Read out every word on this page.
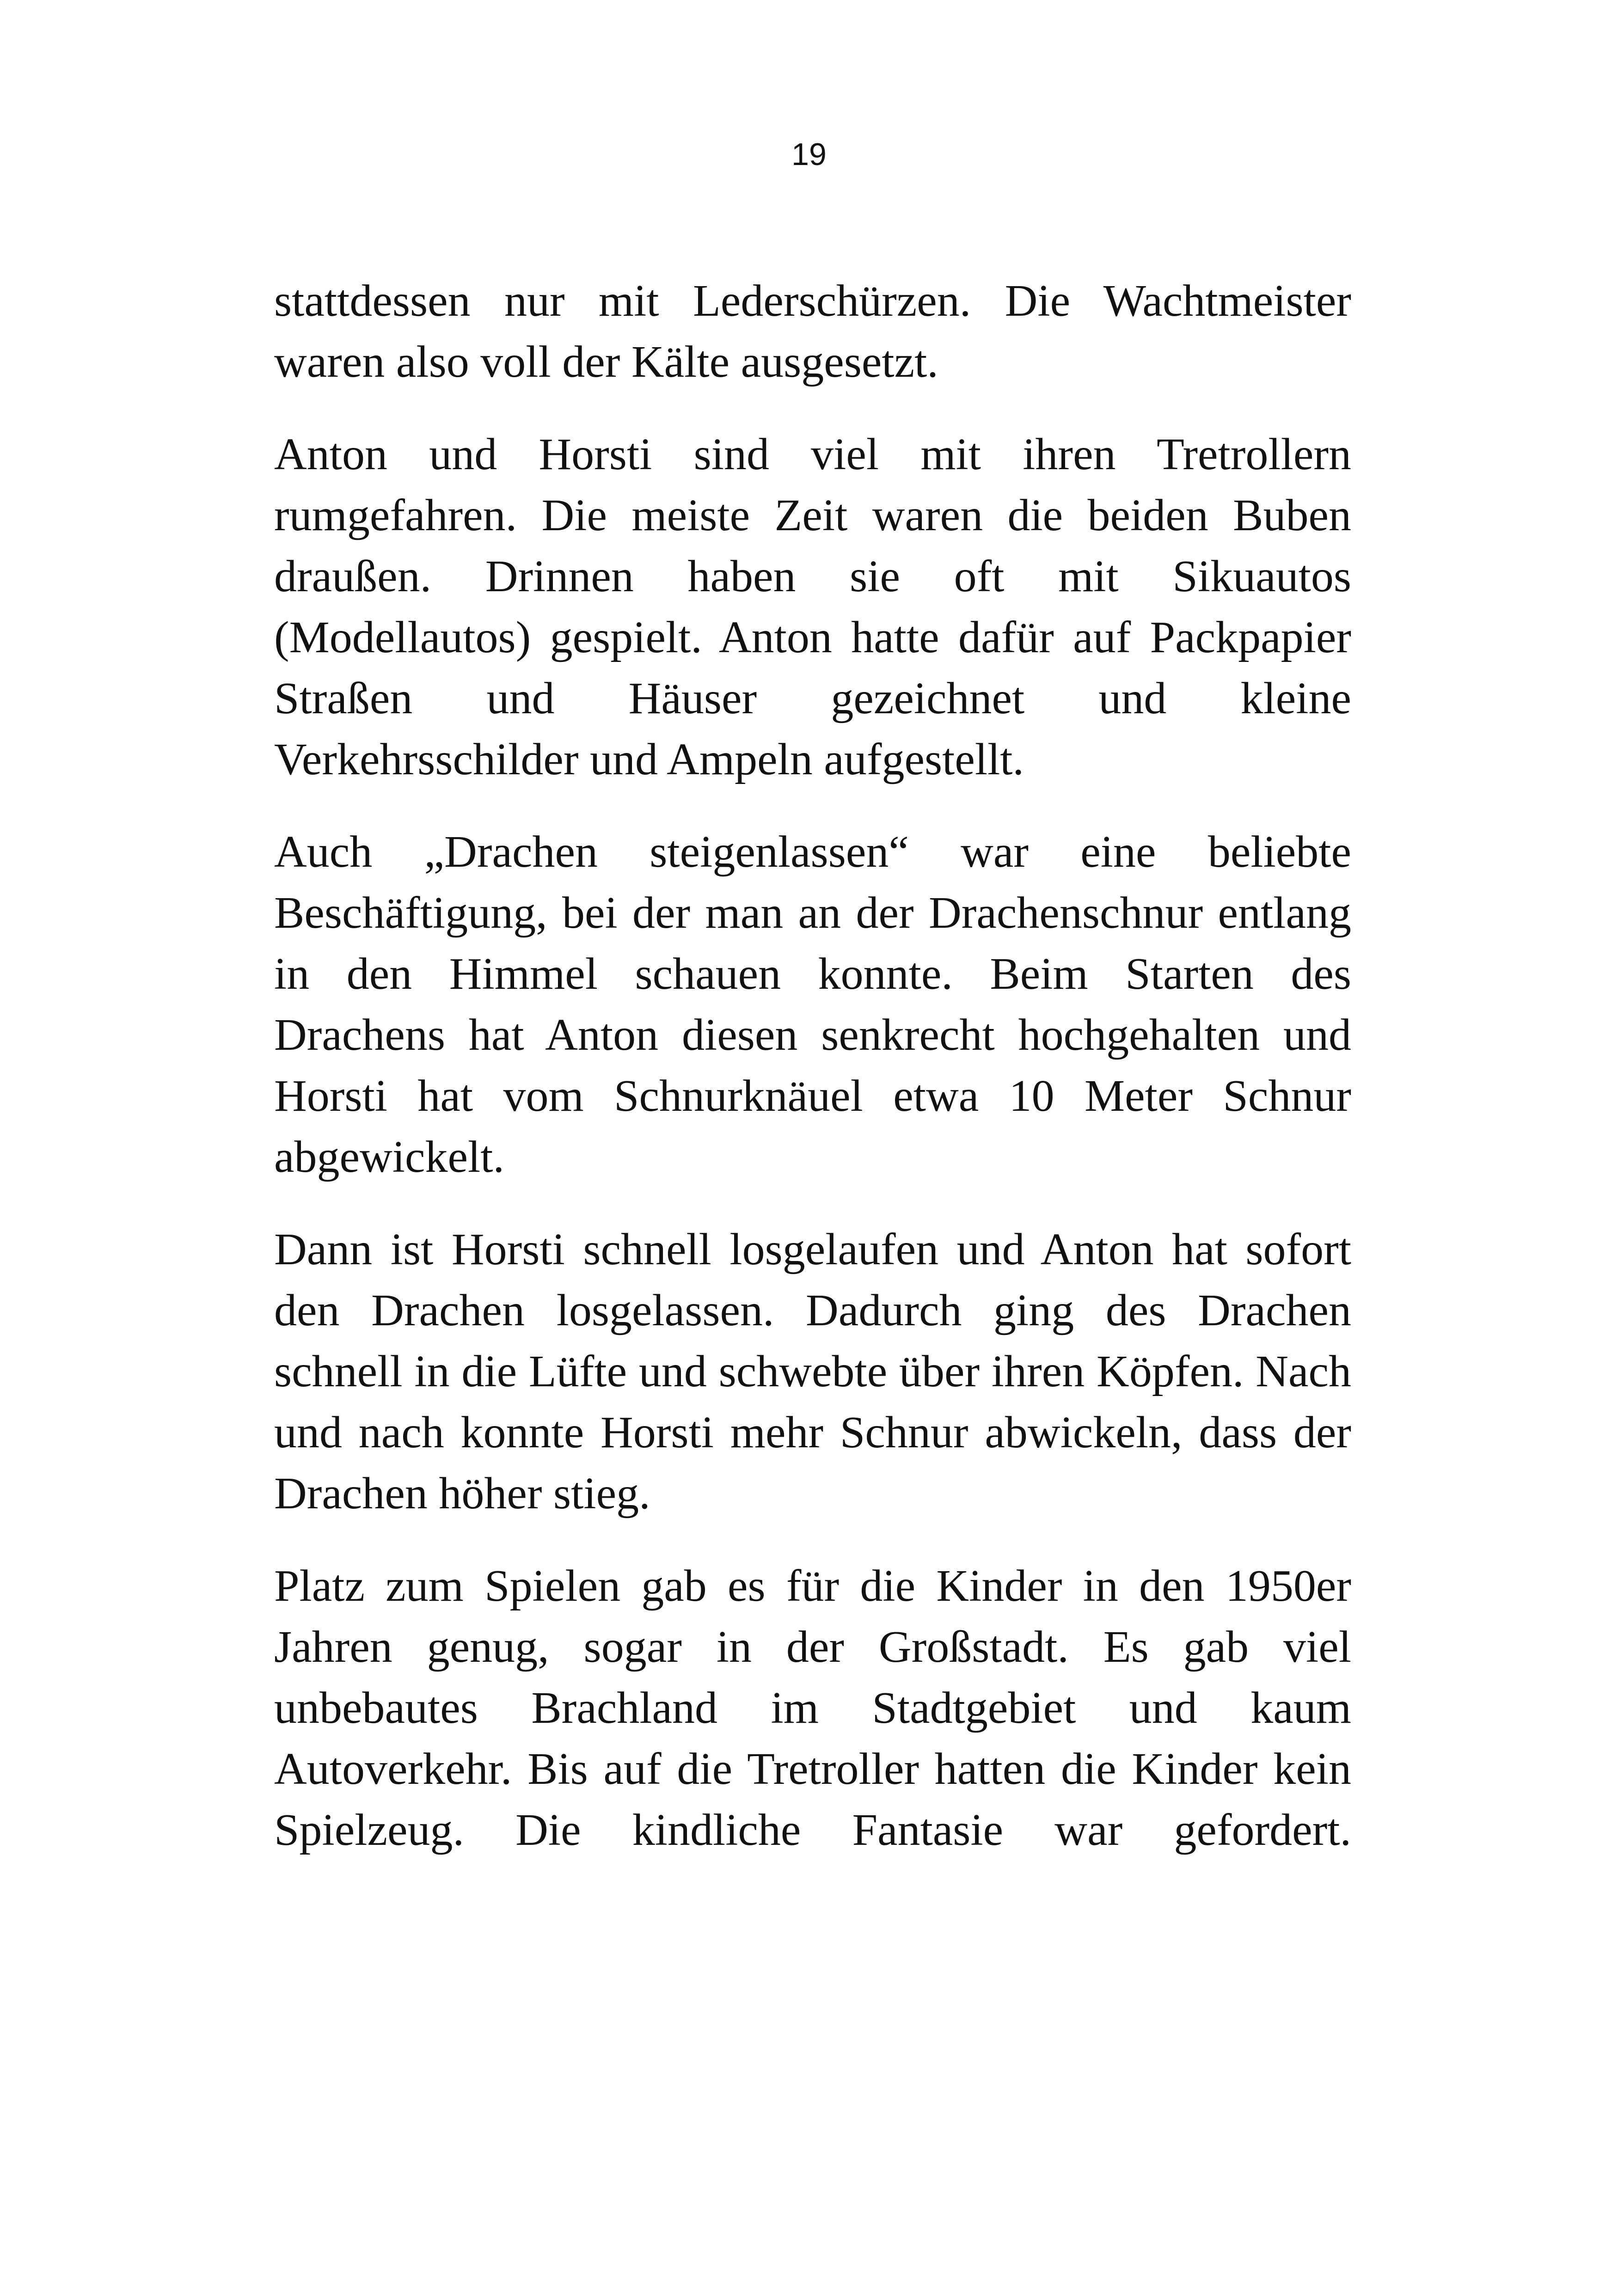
19

stattdessen nur mit Lederschürzen. Die Wachtmeister waren also voll der Kälte ausgesetzt.

Anton und Horsti sind viel mit ihren Tretrollern rumgefahren. Die meiste Zeit waren die beiden Buben draußen. Drinnen haben sie oft mit Sikuautos (Modellautos) gespielt. Anton hatte dafür auf Packpapier Straßen und Häuser gezeichnet und kleine Verkehrsschilder und Ampeln aufgestellt.

Auch „Drachen steigenlassen“ war eine beliebte Beschäftigung, bei der man an der Drachenschnur entlang in den Himmel schauen konnte. Beim Starten des Drachens hat Anton diesen senkrecht hochgehalten und Horsti hat vom Schnurknäuel etwa 10 Meter Schnur abgewickelt.

Dann ist Horsti schnell losgelaufen und Anton hat sofort den Drachen losgelassen. Dadurch ging des Drachen schnell in die Lüfte und schwebte über ihren Köpfen. Nach und nach konnte Horsti mehr Schnur abwickeln, dass der Drachen höher stieg.

Platz zum Spielen gab es für die Kinder in den 1950er Jahren genug, sogar in der Großstadt. Es gab viel unbebautes Brachland im Stadtgebiet und kaum Autoverkehr. Bis auf die Tretroller hatten die Kinder kein Spielzeug. Die kindliche Fantasie war gefordert.
